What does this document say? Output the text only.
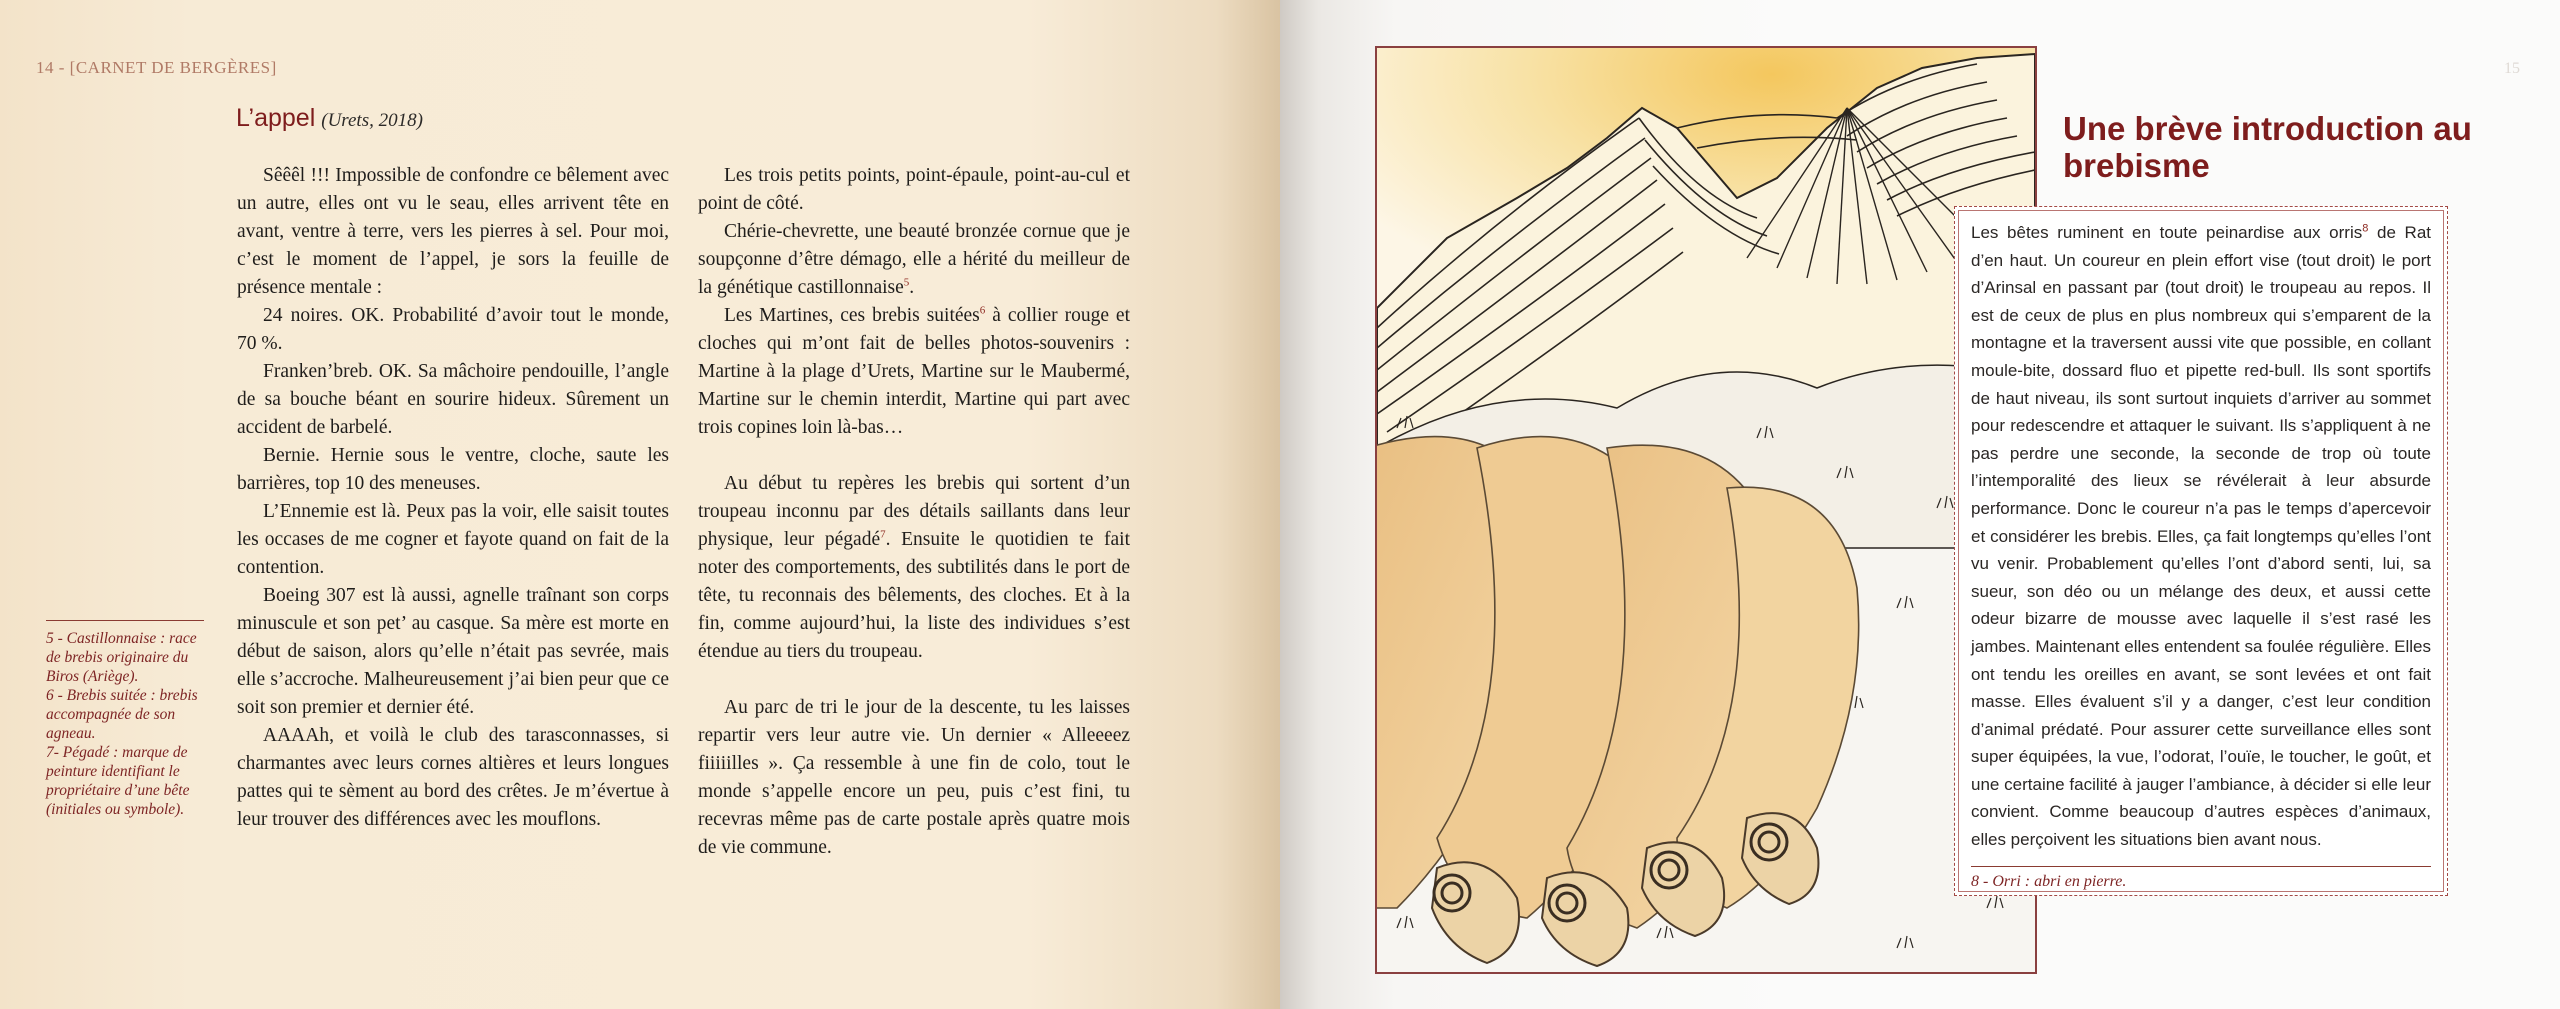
14 - [CARNET DE BERGÈRES]
L’appel (Urets, 2018)

Sêêêl !!! Impossible de confondre ce bêlement avec un autre, elles ont vu le seau, elles arrivent tête en avant, ventre à terre, vers les pierres à sel. Pour moi, c’est le moment de l’appel, je sors la feuille de présence mentale :

24 noires. OK. Probabilité d’avoir tout le monde, 70 %.

Franken’breb. OK. Sa mâchoire pendouille, l’angle de sa bouche béant en sourire hideux. Sûrement un accident de barbelé.

Bernie. Hernie sous le ventre, cloche, saute les barrières, top 10 des meneuses.

L’Ennemie est là. Peux pas la voir, elle saisit toutes les occases de me cogner et fayote quand on fait de la contention.

Boeing 307 est là aussi, agnelle traînant son corps minuscule et son pet’ au casque. Sa mère est morte en début de saison, alors qu’elle n’était pas sevrée, mais elle s’accroche. Malheureusement j’ai bien peur que ce soit son premier et dernier été.

AAAAh, et voilà le club des tarasconnasses, si charmantes avec leurs cornes altières et leurs longues pattes qui te sèment au bord des crêtes. Je m’évertue à leur trouver des différences avec les mouflons.

Les trois petits points, point-épaule, point-au-cul et point de côté.

Chérie-chevrette, une beauté bronzée cornue que je soupçonne d’être démago, elle a hérité du meilleur de la génétique castillonnaise$^5$.

Les Martines, ces brebis suitées$^6$ à collier rouge et cloches qui m’ont fait de belles photos-souvenirs : Martine à la plage d’Urets, Martine sur le Maubermé, Martine sur le chemin interdit, Martine qui part avec trois copines loin là-bas…

Au début tu repères les brebis qui sortent d’un troupeau inconnu par des détails saillants dans leur physique, leur pégadé$^7$. Ensuite le quotidien te fait noter des comportements, des subtilités dans le port de tête, tu reconnais des bêlements, des cloches. Et à la fin, comme aujourd’hui, la liste des individues s’est étendue au tiers du troupeau.

Au parc de tri le jour de la descente, tu les laisses repartir vers leur autre vie. Un dernier « Alleeeez fiiiiilles ». Ça ressemble à une fin de colo, tout le monde s’appelle encore un peu, puis c’est fini, tu recevras même pas de carte postale après quatre mois de vie commune.

5 - Castillonnaise : race de brebis originaire du Biros (Ariège).

6 - Brebis suitée : brebis accompagnée de son agneau.

7- Pégadé : marque de peinture identifiant le propriétaire d’une bête (initiales ou symbole).

15
Une brève introduction au brebisme

Les bêtes ruminent en toute peinardise aux orris$^8$ de Rat d’en haut. Un coureur en plein effort vise (tout droit) le port d’Arinsal en passant par (tout droit) le troupeau au repos. Il est de ceux de plus en plus nombreux qui s’emparent de la montagne et la traversent aussi vite que possible, en collant moule-bite, dossard fluo et pipette red-bull. Ils sont sportifs de haut niveau, ils sont surtout inquiets d’arriver au sommet pour redescendre et attaquer le suivant. Ils s’appliquent à ne pas perdre une seconde, la seconde de trop où toute l’intemporalité des lieux se révélerait à leur absurde performance. Donc le coureur n’a pas le temps d’apercevoir et considérer les brebis. Elles, ça fait longtemps qu’elles l’ont vu venir. Probablement qu’elles l’ont d’abord senti, lui, sa sueur, son déo ou un mélange des deux, et aussi cette odeur bizarre de mousse avec laquelle il s’est rasé les jambes. Maintenant elles entendent sa foulée régulière. Elles ont tendu les oreilles en avant, se sont levées et ont fait masse. Elles évaluent s’il y a danger, c’est leur condition d’animal prédaté. Pour assurer cette surveillance elles sont super équipées, la vue, l’odorat, l’ouïe, le toucher, le goût, et une certaine facilité à jauger l’ambiance, à décider si elle leur convient. Comme beaucoup d’autres espèces d’animaux, elles perçoivent les situations bien avant nous.

8 - Orri : abri en pierre.
